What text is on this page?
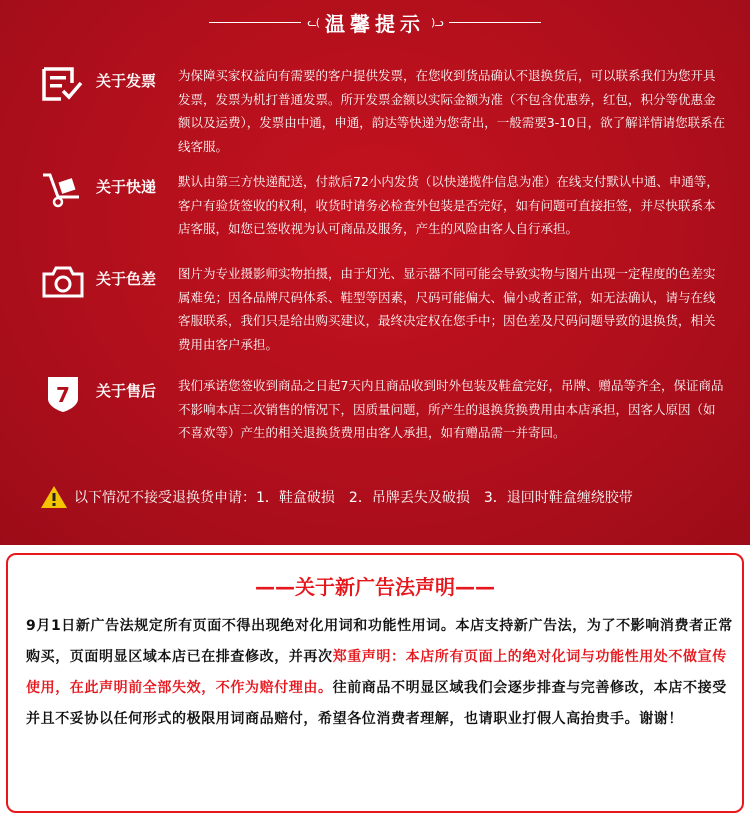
ᓚ( 温馨提示 )ᓗ
关于发票 为保障买家权益向有需要的客户提供发票，在您收到货品确认不退换货后，可以联系我们为您开具发票，发票为机打普通发票。所开发票金额以实际金额为准（不包含优惠券，红包，积分等优惠金额以及运费），发票由中通，申通，韵达等快递为您寄出，一般需要3-10日，欲了解详情请您联系在线客服。
关于快递 默认由第三方快递配送，付款后72小内发货（以快递揽件信息为准）在线支付默认中通、申通等，客户有验货签收的权利，收货时请务必检查外包装是否完好，如有问题可直接拒签，并尽快联系本店客服，如您已签收视为认可商品及服务，产生的风险由客人自行承担。
关于色差 图片为专业摄影师实物拍摄，由于灯光、显示器不同可能会导致实物与图片出现一定程度的色差实属难免；因各品牌尺码体系、鞋型等因素，尺码可能偏大、偏小或者正常，如无法确认，请与在线客服联系，我们只是给出购买建议，最终决定权在您手中；因色差及尺码问题导致的退换货，相关费用由客户承担。
7 关于售后 我们承诺您签收到商品之日起7天内且商品收到时外包装及鞋盒完好，吊牌、赠品等齐全，保证商品不影响本店二次销售的情况下，因质量问题，所产生的退换货换费用由本店承担，因客人原因（如不喜欢等）产生的相关退换货费用由客人承担，如有赠品需一并寄回。
以下情况不接受退换货申请：1．鞋盒破损　2．吊牌丢失及破损　3．退回时鞋盒缠绕胶带
——关于新广告法声明——
9月1日新广告法规定所有页面不得出现绝对化用词和功能性用词。本店支持新广告法，为了不影响消费者正常购买，页面明显区域本店已在排查修改，并再次郑重声明：本店所有页面上的绝对化词与功能性用处不做宣传使用，在此声明前全部失效，不作为赔付理由。往前商品不明显区域我们会逐步排查与完善修改，本店不接受并且不妥协以任何形式的极限用词商品赔付，希望各位消费者理解，也请职业打假人高抬贵手。谢谢！
